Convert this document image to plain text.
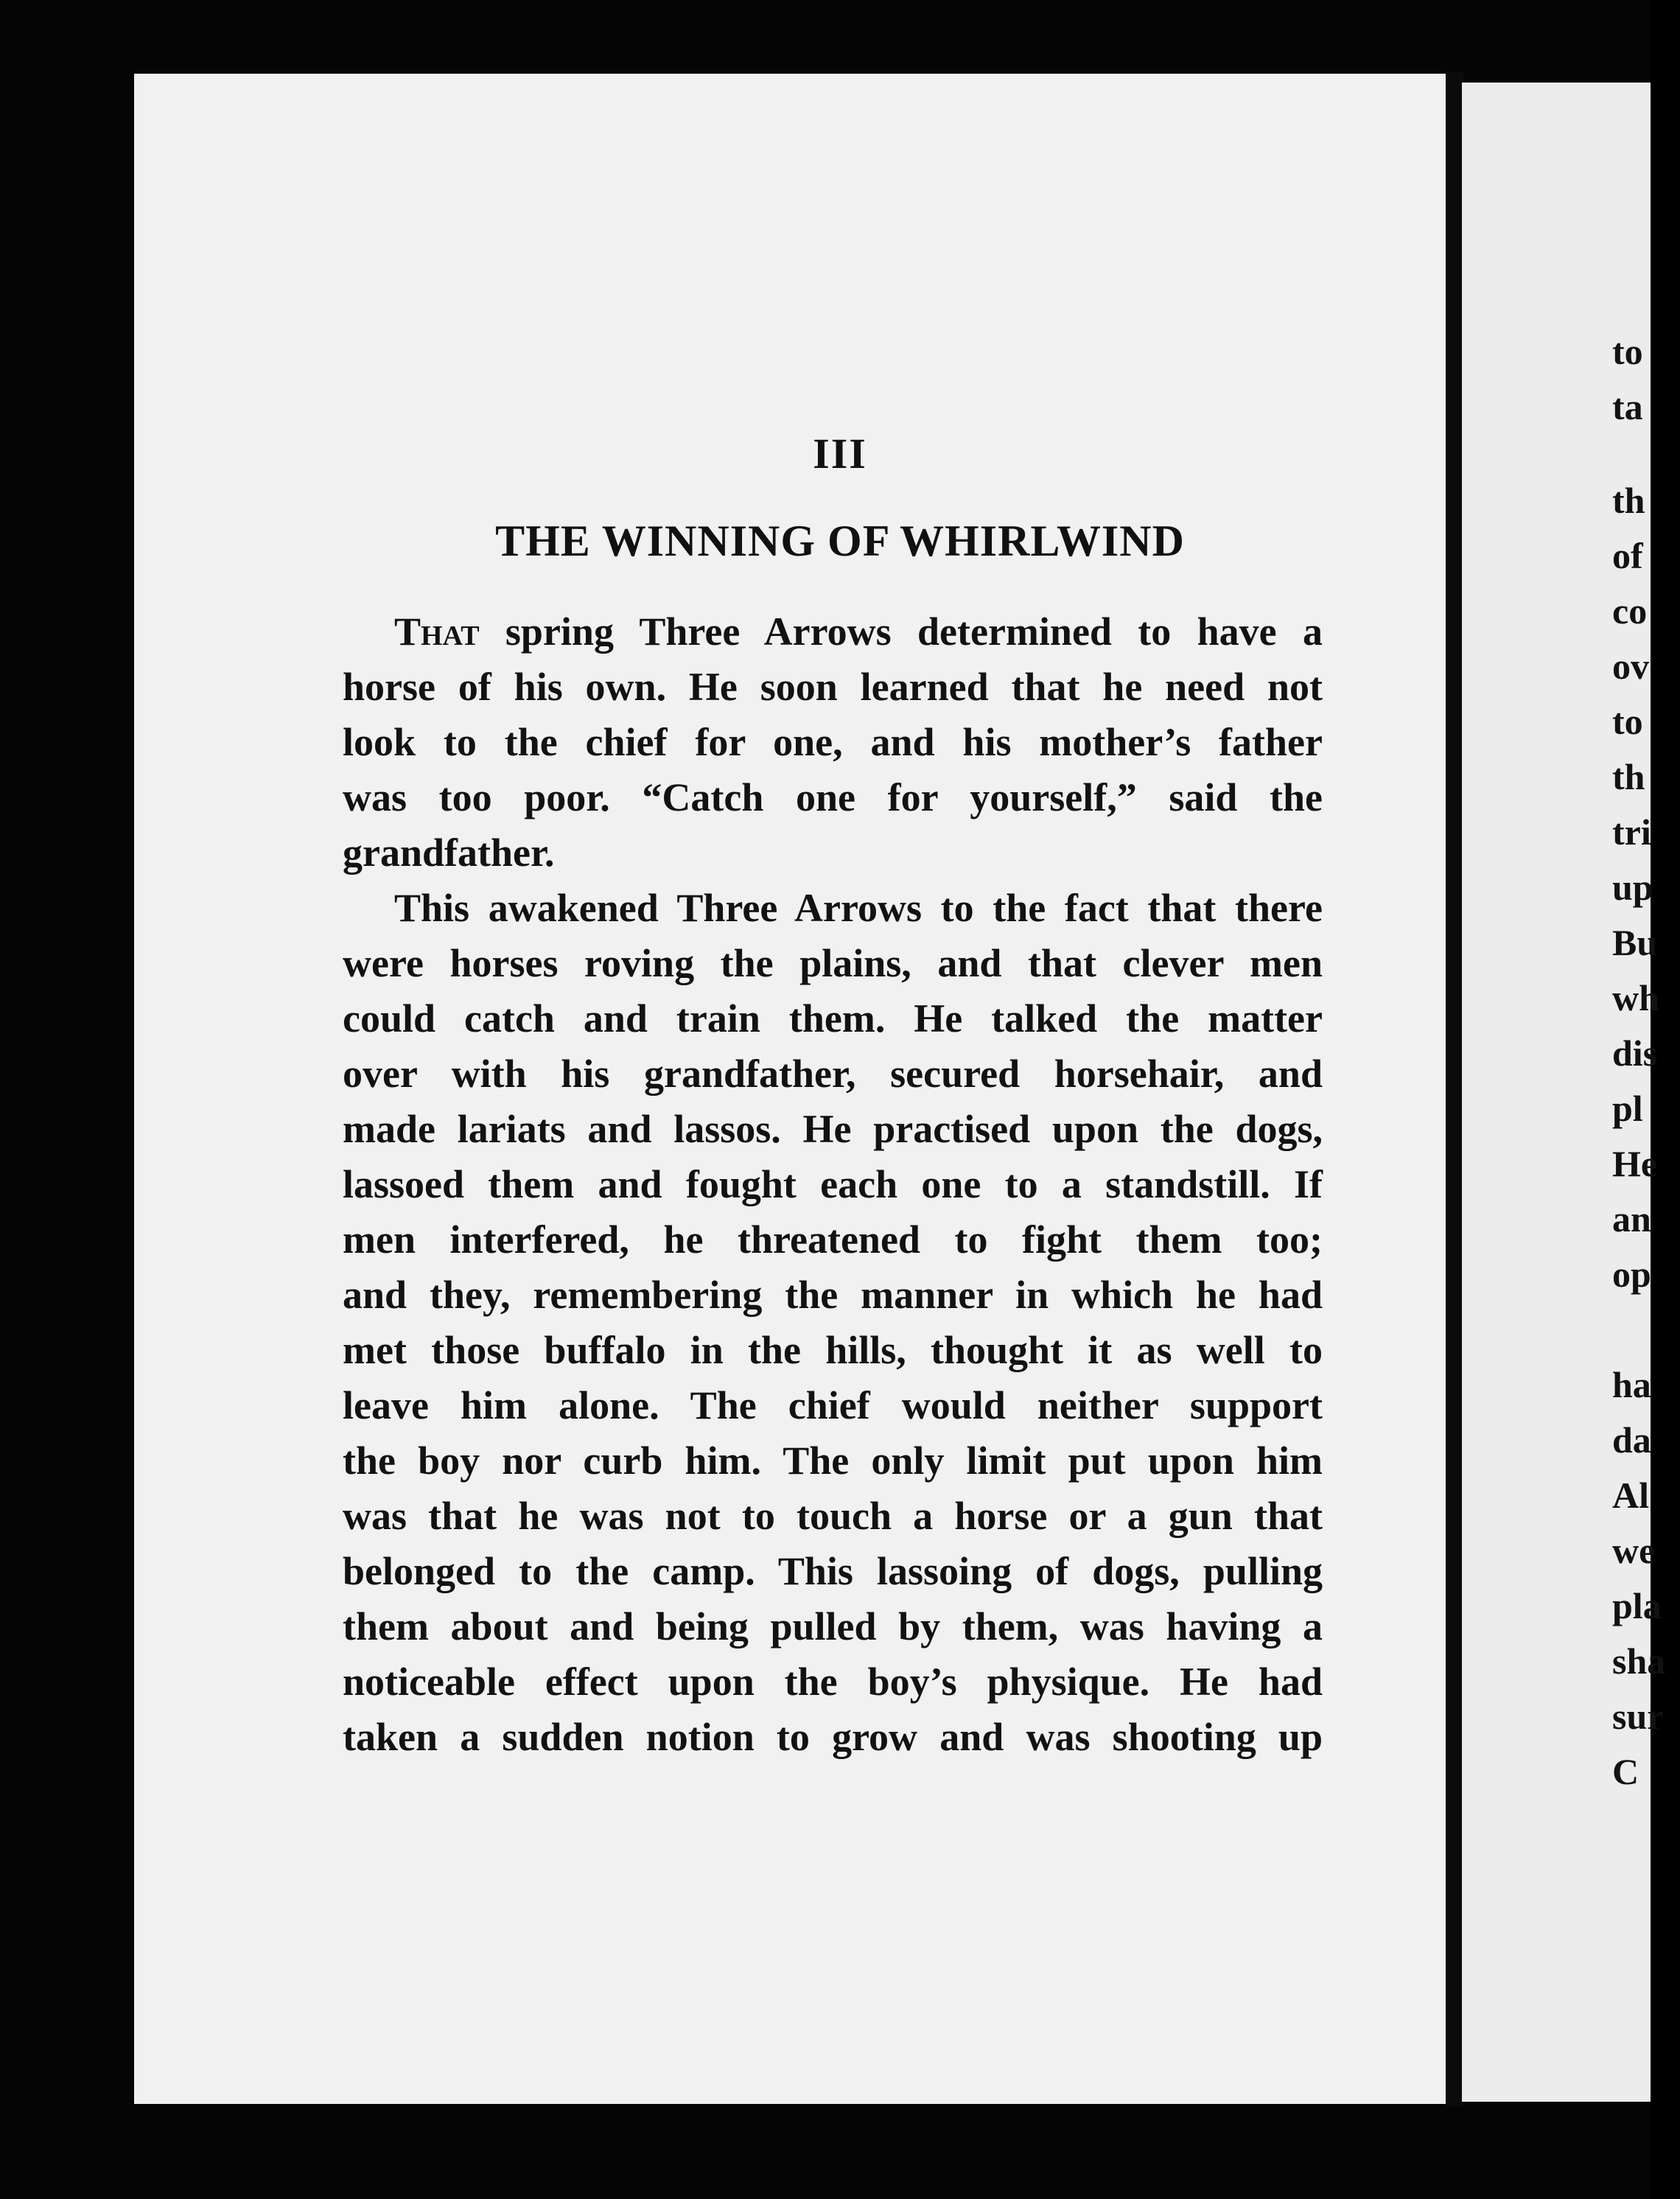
III
THE WINNING OF WHIRLWIND
That spring Three Arrows determined to have a
horse of his own. He soon learned that he need not
look to the chief for one, and his mother’s father
was too poor. “Catch one for yourself,” said the
grandfather.
This awakened Three Arrows to the fact that there
were horses roving the plains, and that clever men
could catch and train them. He talked the matter
over with his grandfather, secured horsehair, and
made lariats and lassos. He practised upon the dogs,
lassoed them and fought each one to a standstill. If
men interfered, he threatened to fight them too;
and they, remembering the manner in which he had
met those buffalo in the hills, thought it as well to
leave him alone. The chief would neither support
the boy nor curb him. The only limit put upon him
was that he was not to touch a horse or a gun that
belonged to the camp. This lassoing of dogs, pulling
them about and being pulled by them, was having a
noticeable effect upon the boy’s physique. He had
taken a sudden notion to grow and was shooting up
to
ta
th
of
co
ov
to
th
tri
up
Bu
wh
dis
pl
He
an
op
ha
da
Al
we
pla
sha
sur
C
